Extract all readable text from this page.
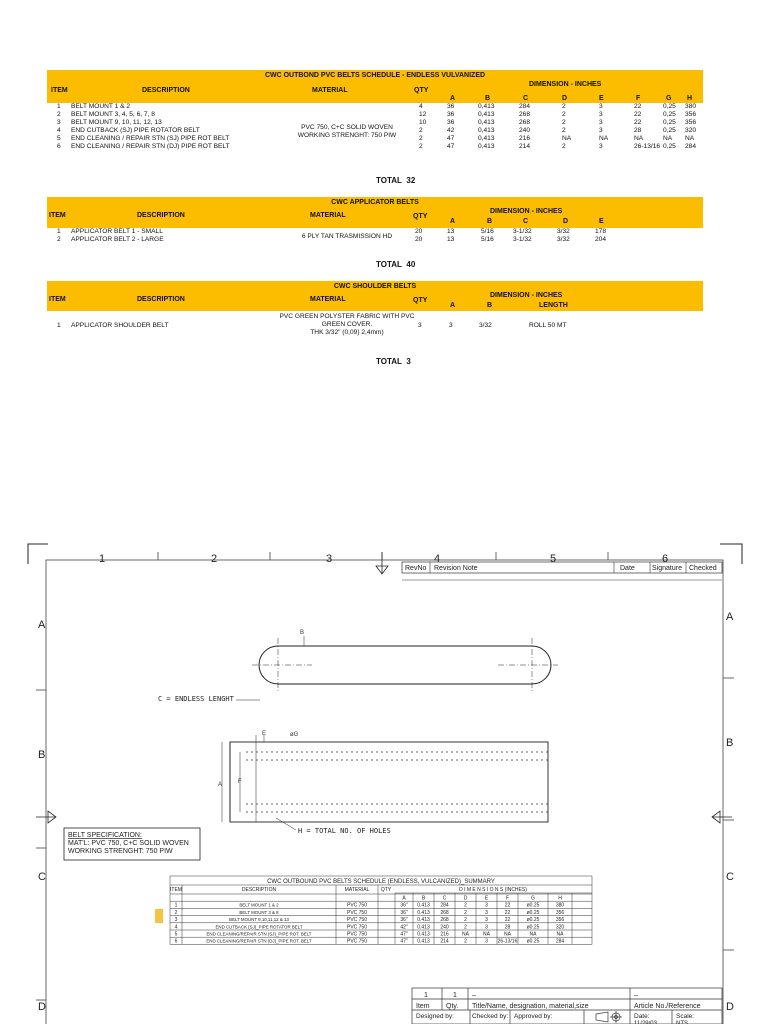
CWC OUTBOND PVC BELTS SCHEDULE - ENDLESS VULVANIZED
ITEM	DESCRIPTION	MATERIAL	QTY
DIMENSION - INCHES
A	B	C	D	E	F	G H
PVC 750, C+C SOLID WOVEN
WORKING STRENGHT: 750 PIW
1 BELT MOUNT 1 & 2	4	36	0,413	284	2	3	22	0,25 380
2 BELT MOUNT 3, 4, 5, 6, 7, 8	12	36	0,413	268	2	3	22	0,25 356
3 BELT MOUNT 9, 10, 11, 12, 13	10	36	0,413	268	2	3	22	0,25 356
4 END CUTBACK (SJ) PIPE ROTATOR BELT	2	42	0,413	240	2	3	28	0,25 320
5 END CLEANING / REPAIR STN (SJ) PIPE ROT BELT	2	47	0,413	216	NA	NA	NA	NA NA
6 END CLEANING / REPAIR STN (DJ) PIPE ROT BELT	2	47	0,413	214	2	3	26-13/16 0,25 284
TOTAL 32
CWC APPLICATOR BELTS
ITEM	DESCRIPTION	MATERIAL	QTY
DIMENSION - INCHES
A	B	C	D	E
6 PLY TAN TRASMISSION HD
1 APPLICATOR BELT 1 - SMALL	20	13	5/16	3-1/32	3/32	178
2 APPLICATOR BELT 2 - LARGE	20	13	5/16	3-1/32	3/32	204
TOTAL 40
CWC SHOULDER BELTS
ITEM	DESCRIPTION	MATERIAL	QTY
DIMENSION - INCHES
A	B	LENGTH
PVC GREEN POLYSTER FABRIC WITH PVC
GREEN COVER.
THK 3/32" (0,09) 2,4mm)
1 APPLICATOR SHOULDER BELT	3	3	3/32	ROLL 50 MT
TOTAL 3
1	2	3	4	5	6
A
B
C
D
A
B
C
D
RevNo Revision Note	Date Signature Checked
B
C = ENDLESS LENGHT
E	øG
A	F
H = TOTAL NO. OF HOLES
BELT SPECIFICATION:
MAT'L: PVC 750, C+C SOLID WOVEN
WORKING STRENGHT: 750 PIW
CWC OUTBOUND PVC BELTS SCHEDULE (ENDLESS, VULCANIZED)_SUMMARY
ITEM	DESCRIPTION	MATERIAL QTY	D I M E N S I O N S (INCHES)
A	B	C	D	E	F	G	H
1	BELT MOUNT 1 & 2	PVC 750	36" 0.413 284	2	3	22	ø0.25	380
2	BELT MOUNT 3 & 8	PVC 750	36" 0.413 268	2	3	22	ø0.25	356
3	BELT MOUNT 9,10,11,12 & 13	PVC 750	36" 0.413 268	2	3	22	ø0.25	356
4	END CUTBACK (SJ)_PIPE ROTATOR BELT	PVC 750	42" 0.413 240	2	3	28	ø0.25	320
5	END CLEANING/REPAIR STN (SJ)_PIPE ROT. BELT	PVC 750	47" 0.413 216	NA	NA	NA	NA	NA
6	END CLEANING/REPAIR STN (DJ)_PIPE ROT. BELT	PVC 750	47" 0.413 214	2	3 26-13/16 ø0.25	284
1	1 –	–
Item Qty. Title/Name, designation, material,size	Article No./Reference
Designed by:	Checked by: Approved by:	Date:	Scale:
11/29/03	NTS
